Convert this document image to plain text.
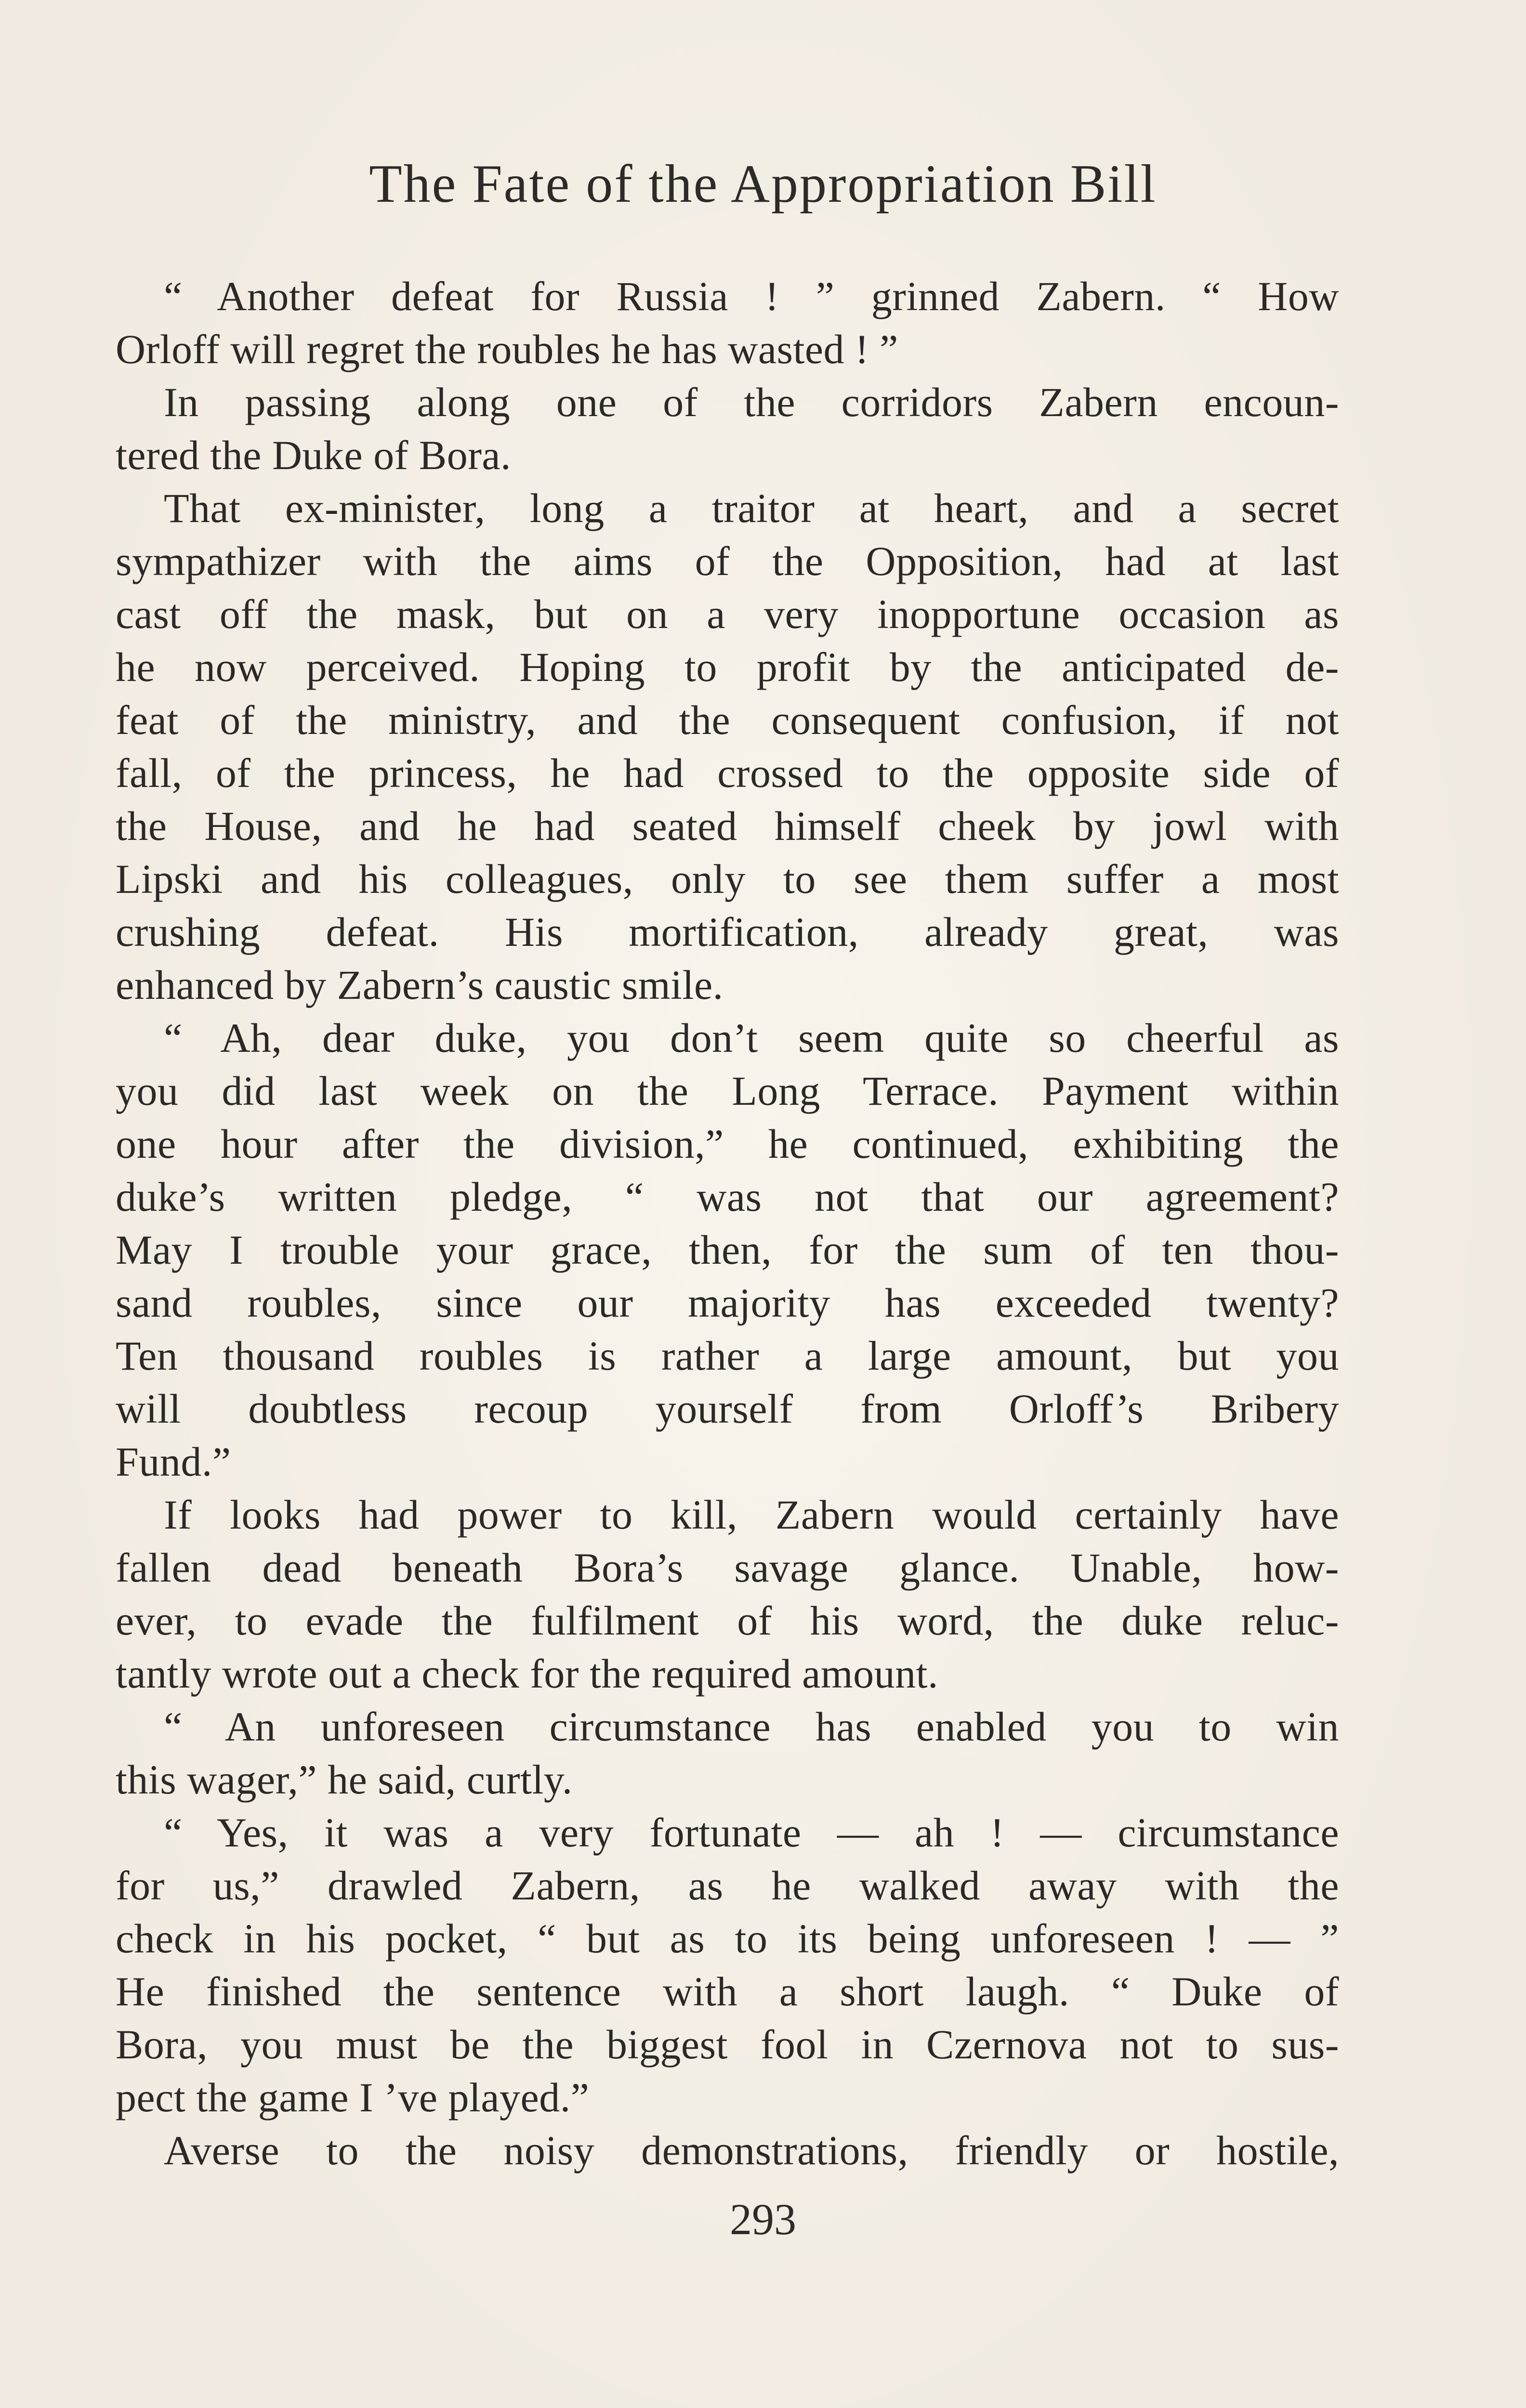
The Fate of the Appropriation Bill
“ Another defeat for Russia ! ” grinned Zabern. “ How
Orloff will regret the roubles he has wasted ! ”
In passing along one of the corridors Zabern encoun-
tered the Duke of Bora.
That ex-minister, long a traitor at heart, and a secret
sympathizer with the aims of the Opposition, had at last
cast off the mask, but on a very inopportune occasion as
he now perceived. Hoping to profit by the anticipated de-
feat of the ministry, and the consequent confusion, if not
fall, of the princess, he had crossed to the opposite side of
the House, and he had seated himself cheek by jowl with
Lipski and his colleagues, only to see them suffer a most
crushing defeat. His mortification, already great, was
enhanced by Zabern’s caustic smile.
“ Ah, dear duke, you don’t seem quite so cheerful as
you did last week on the Long Terrace. Payment within
one hour after the division,” he continued, exhibiting the
duke’s written pledge, “ was not that our agreement?
May I trouble your grace, then, for the sum of ten thou-
sand roubles, since our majority has exceeded twenty?
Ten thousand roubles is rather a large amount, but you
will doubtless recoup yourself from Orloff’s Bribery
Fund.”
If looks had power to kill, Zabern would certainly have
fallen dead beneath Bora’s savage glance. Unable, how-
ever, to evade the fulfilment of his word, the duke reluc-
tantly wrote out a check for the required amount.
“ An unforeseen circumstance has enabled you to win
this wager,” he said, curtly.
“ Yes, it was a very fortunate — ah ! — circumstance
for us,” drawled Zabern, as he walked away with the
check in his pocket, “ but as to its being unforeseen ! — ”
He finished the sentence with a short laugh. “ Duke of
Bora, you must be the biggest fool in Czernova not to sus-
pect the game I ’ve played.”
Averse to the noisy demonstrations, friendly or hostile,
293
